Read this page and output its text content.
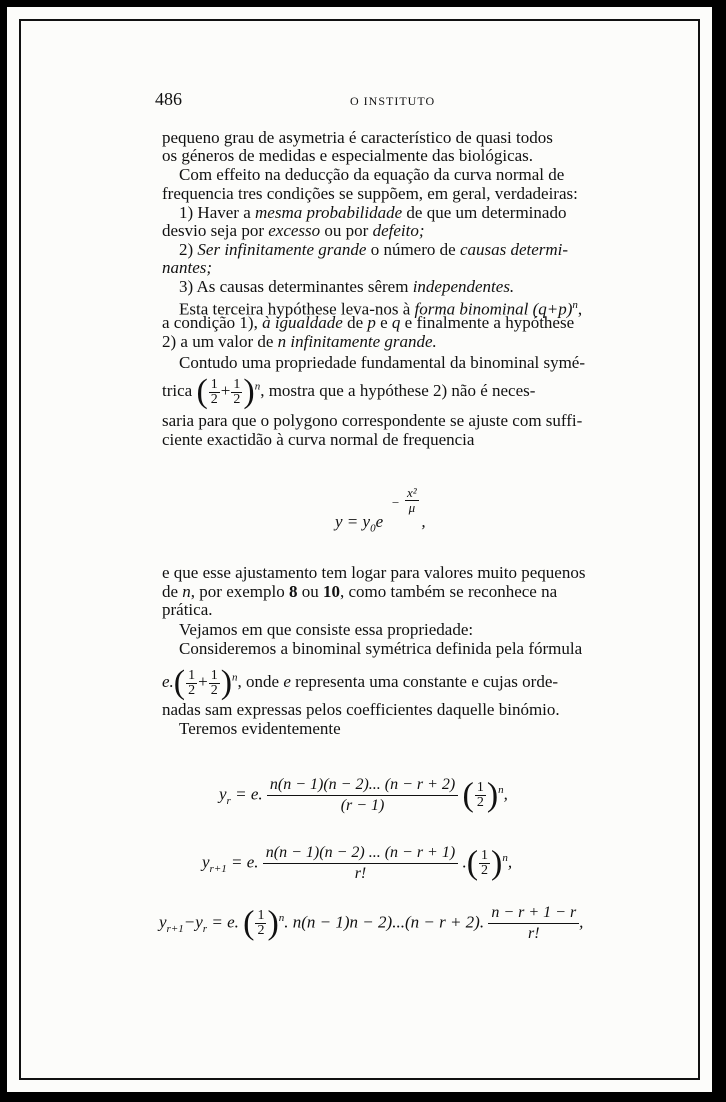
486	O INSTITUTO
pequeno grau de asymetria é característico de quasi todos
os géneros de medidas e especialmente das biológicas.
Com effeito na deducção da equação da curva normal de
frequencia tres condições se suppõem, em geral, verdadeiras:
1) Haver a mesma probabilidade de que um determinado
desvio seja por excesso ou por defeito;
2) Ser infinitamente grande o número de causas determi-
nantes;
3) As causas determinantes sêrem independentes.
Esta terceira hypóthese leva-nos à forma binominal $(q+p)^n$,
a condição 1), à igualdade de p e q e finalmente a hypóthese
2) a um valor de n infinitamente grande.
Contudo uma propriedade fundamental da binominal symé-
trica ( $\frac{1}{2} + \frac{1}{2} )^n$, mostra que a hypóthese 2) não é neces-
saria para que o polygono correspondente se ajuste com suffi-
ciente exactidão à curva normal de frequencia
− $\frac{\text{x²}}{\mu}$
$y = y_0e$ ,
e que esse ajustamento tem logar para valores muito pequenos
de n, por exemplo 8 ou 10, como também se reconhece na
prática.
Vejamos em que consiste essa propriedade:
Consideremos a binominal symétrica definida pela fórmula
$e.( \frac{1}{2} + \frac{1}{2} )^n$, onde e representa uma constante e cujas orde-
nadas sam expressas pelos coefficientes daquelle binómio.
Teremos evidentemente
$y_r = e$. $\frac{n(n - 1)(n - 2)... (n - r + 2)}{(r - 1)}$ ( $\frac{1}{2} )^n$,
$y_{r+1} = e$. $\frac{n(n - 1)(n - 2) ... (n - r + 1)}{r!}$ .( $\frac{1}{2} )^n$,
$y_{r+1}-y_r = e$. ( $\frac{1}{2} )^n$. n(n − 1)n − 2)...(n − r + 2). $\frac{n - r + 1 - r}{r!}$ ,
